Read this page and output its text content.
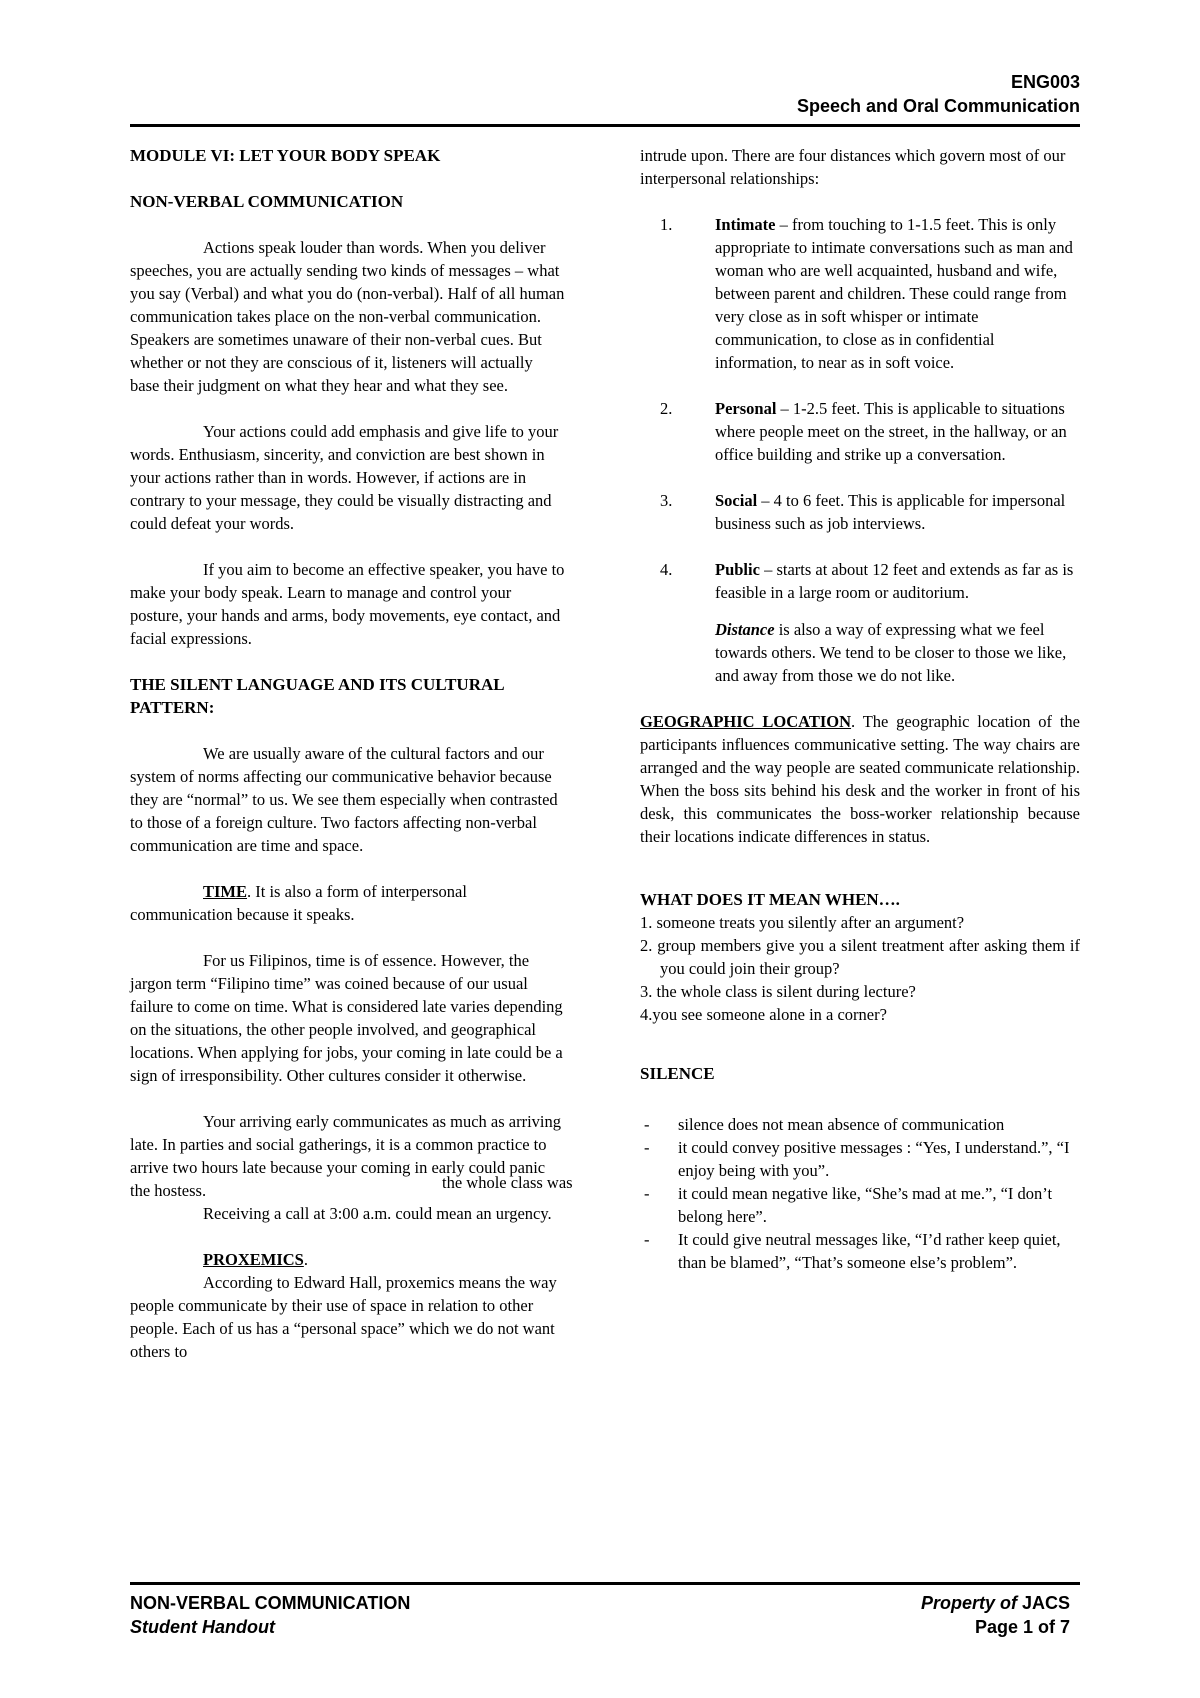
ENG003
Speech and Oral Communication
MODULE VI: LET YOUR BODY SPEAK
NON-VERBAL COMMUNICATION

Actions speak louder than words. When you deliver speeches, you are actually sending two kinds of messages – what you say (Verbal) and what you do (non-verbal). Half of all human communication takes place on the non-verbal communication. Speakers are sometimes unaware of their non-verbal cues. But whether or not they are conscious of it, listeners will actually base their judgment on what they hear and what they see.

Your actions could add emphasis and give life to your words. Enthusiasm, sincerity, and conviction are best shown in your actions rather than in words. However, if actions are in contrary to your message, they could be visually distracting and could defeat your words.

If you aim to become an effective speaker, you have to make your body speak. Learn to manage and control your posture, your hands and arms, body movements, eye contact, and facial expressions.

THE SILENT LANGUAGE AND ITS CULTURAL PATTERN:

We are usually aware of the cultural factors and our system of norms affecting our communicative behavior because they are “normal” to us. We see them especially when contrasted to those of a foreign culture. Two factors affecting non-verbal communication are time and space.

TIME. It is also a form of interpersonal communication because it speaks.

For us Filipinos, time is of essence. However, the jargon term “Filipino time” was coined because of our usual failure to come on time. What is considered late varies depending on the situations, the other people involved, and geographical locations. When applying for jobs, your coming in late could be a sign of irresponsibility. Other cultures consider it otherwise.

Your arriving early communicates as much as arriving late. In parties and social gatherings, it is a common practice to arrive two hours late because your coming in early could panic the hostess.

Receiving a call at 3:00 a.m. could mean an urgency.

PROXEMICS.

According to Edward Hall, proxemics means the way people communicate by their use of space in relation to other people. Each of us has a “personal space” which we do not want others to

the whole class was

intrude upon. There are four distances which govern most of our interpersonal relationships:

1.	Intimate – from touching to 1-1.5 feet. This is only appropriate to intimate conversations such as man and woman who are well acquainted, husband and wife, between parent and children. These could range from very close as in soft whisper or intimate communication, to close as in confidential information, to near as in soft voice.
2.	Personal – 1-2.5 feet. This is applicable to situations where people meet on the street, in the hallway, or an office building and strike up a conversation.
3.	Social – 4 to 6 feet. This is applicable for impersonal business such as job interviews.
4.	Public – starts at about 12 feet and extends as far as is feasible in a large room or auditorium.

Distance is also a way of expressing what we feel towards others. We tend to be closer to those we like, and away from those we do not like.

GEOGRAPHIC LOCATION. The geographic location of the participants influences communicative setting. The way chairs are arranged and the way people are seated communicate relationship. When the boss sits behind his desk and the worker in front of his desk, this communicates the boss-worker relationship because their locations indicate differences in status.

WHAT DOES IT MEAN WHEN….

1. someone treats you silently after an argument?

2. group members give you a silent treatment after asking them if you could join their group?

3. the whole class is silent during lecture?

4.you see someone alone in a corner?

SILENCE
- silence does not mean absence of communication
- it could convey positive messages : “Yes, I understand.”, “I enjoy being with you”.
- it could mean negative like, “She’s mad at me.”, “I don’t belong here”.
- It could give neutral messages like, “I’d rather keep quiet, than be blamed”, “That’s someone else’s problem”.
NON-VERBAL COMMUNICATION
Student Handout
Property of JACS
Page 1 of 7
